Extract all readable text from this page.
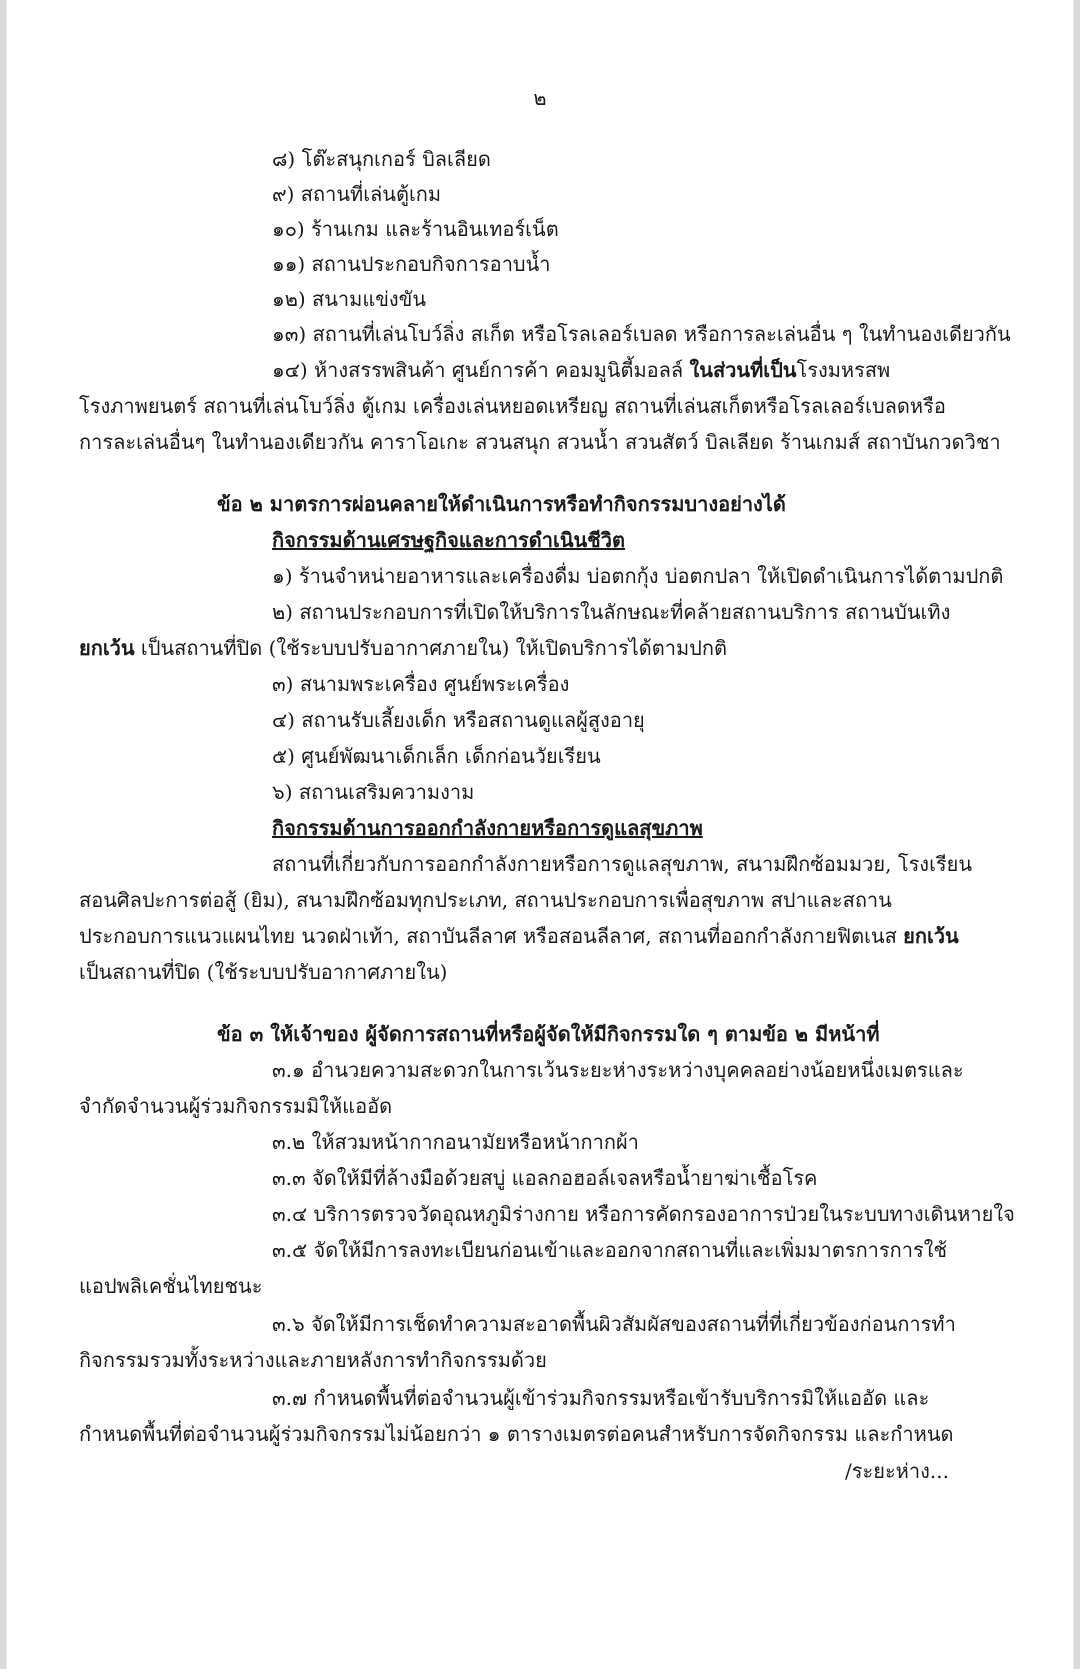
๒
๘) โต๊ะสนุกเกอร์ บิลเลียด
๙) สถานที่เล่นตู้เกม
๑๐) ร้านเกม และร้านอินเทอร์เน็ต
๑๑) สถานประกอบกิจการอาบน้ำ
๑๒) สนามแข่งขัน
๑๓) สถานที่เล่นโบว์ลิ่ง สเก็ต หรือโรลเลอร์เบลด หรือการละเล่นอื่น ๆ ในทำนองเดียวกัน
๑๔) ห้างสรรพสินค้า ศูนย์การค้า คอมมูนิตี้มอลล์ ในส่วนที่เป็นโรงมหรสพ
โรงภาพยนตร์ สถานที่เล่นโบว์ลิ่ง ตู้เกม เครื่องเล่นหยอดเหรียญ สถานที่เล่นสเก็ตหรือโรลเลอร์เบลดหรือ
การละเล่นอื่นๆ ในทำนองเดียวกัน คาราโอเกะ สวนสนุก สวนน้ำ สวนสัตว์ บิลเลียด ร้านเกมส์ สถาบันกวดวิชา
ข้อ ๒ มาตรการผ่อนคลายให้ดำเนินการหรือทำกิจกรรมบางอย่างได้
กิจกรรมด้านเศรษฐกิจและการดำเนินชีวิต
๑) ร้านจำหน่ายอาหารและเครื่องดื่ม บ่อตกกุ้ง บ่อตกปลา ให้เปิดดำเนินการได้ตามปกติ
๒) สถานประกอบการที่เปิดให้บริการในลักษณะที่คล้ายสถานบริการ สถานบันเทิง
ยกเว้น เป็นสถานที่ปิด (ใช้ระบบปรับอากาศภายใน) ให้เปิดบริการได้ตามปกติ
๓) สนามพระเครื่อง ศูนย์พระเครื่อง
๔) สถานรับเลี้ยงเด็ก หรือสถานดูแลผู้สูงอายุ
๕) ศูนย์พัฒนาเด็กเล็ก เด็กก่อนวัยเรียน
๖) สถานเสริมความงาม
กิจกรรมด้านการออกกำลังกายหรือการดูแลสุขภาพ
สถานที่เกี่ยวกับการออกกำลังกายหรือการดูแลสุขภาพ, สนามฝึกซ้อมมวย, โรงเรียน
สอนศิลปะการต่อสู้ (ยิม), สนามฝึกซ้อมทุกประเภท, สถานประกอบการเพื่อสุขภาพ สปาและสถาน
ประกอบการแนวแผนไทย นวดฝ่าเท้า, สถาบันลีลาศ หรือสอนลีลาศ, สถานที่ออกกำลังกายฟิตเนส ยกเว้น
เป็นสถานที่ปิด (ใช้ระบบปรับอากาศภายใน)
ข้อ ๓ ให้เจ้าของ ผู้จัดการสถานที่หรือผู้จัดให้มีกิจกรรมใด ๆ ตามข้อ ๒ มีหน้าที่
๓.๑ อำนวยความสะดวกในการเว้นระยะห่างระหว่างบุคคลอย่างน้อยหนึ่งเมตรและ
จำกัดจำนวนผู้ร่วมกิจกรรมมิให้แออัด
๓.๒ ให้สวมหน้ากากอนามัยหรือหน้ากากผ้า
๓.๓ จัดให้มีที่ล้างมือด้วยสบู่ แอลกอฮอล์เจลหรือน้ำยาฆ่าเชื้อโรค
๓.๔ บริการตรวจวัดอุณหภูมิร่างกาย หรือการคัดกรองอาการป่วยในระบบทางเดินหายใจ
๓.๕ จัดให้มีการลงทะเบียนก่อนเข้าและออกจากสถานที่และเพิ่มมาตรการการใช้
แอปพลิเคชั่นไทยชนะ
๓.๖ จัดให้มีการเช็ดทำความสะอาดพื้นผิวสัมผัสของสถานที่ที่เกี่ยวข้องก่อนการทำ
กิจกรรมรวมทั้งระหว่างและภายหลังการทำกิจกรรมด้วย
๓.๗ กำหนดพื้นที่ต่อจำนวนผู้เข้าร่วมกิจกรรมหรือเข้ารับบริการมิให้แออัด และ
กำหนดพื้นที่ต่อจำนวนผู้ร่วมกิจกรรมไม่น้อยกว่า ๑ ตารางเมตรต่อคนสำหรับการจัดกิจกรรม และกำหนด
/ระยะห่าง...
